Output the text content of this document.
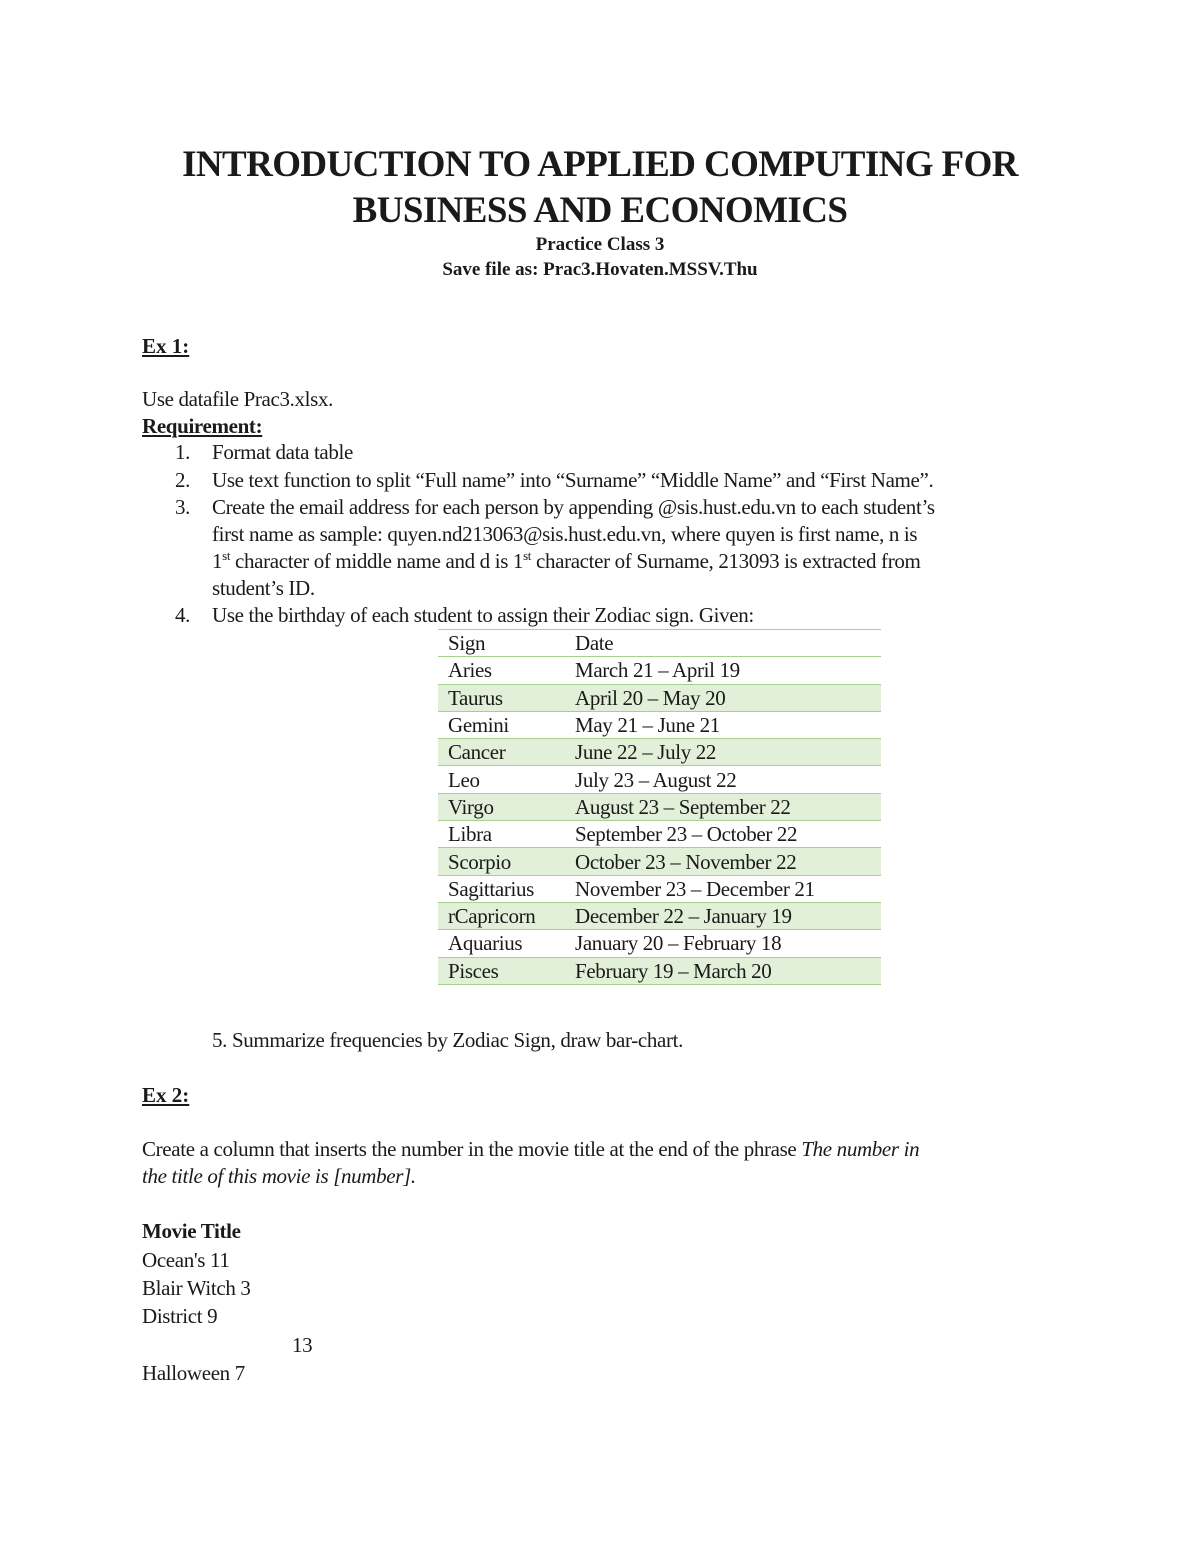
INTRODUCTION TO APPLIED COMPUTING FOR
BUSINESS AND ECONOMICS
Practice Class 3
Save file as: Prac3.Hovaten.MSSV.Thu
Ex 1:
Use datafile Prac3.xlsx.
Requirement:
1. Format data table
2. Use text function to split “Full name” into “Surname” “Middle Name” and “First Name”.
3. Create the email address for each person by appending @sis.hust.edu.vn to each student’s
first name as sample: quyen.nd213063@sis.hust.edu.vn, where quyen is first name, n is
1st character of middle name and d is 1st character of Surname, 213093 is extracted from
student’s ID.
4. Use the birthday of each student to assign their Zodiac sign. Given:
Sign	Date
Aries	March 21 – April 19
Taurus	April 20 – May 20
Gemini	May 21 – June 21
Cancer	June 22 – July 22
Leo	July 23 – August 22
Virgo	August 23 – September 22
Libra	September 23 – October 22
Scorpio	October 23 – November 22
Sagittarius	November 23 – December 21
rCapricorn	December 22 – January 19
Aquarius	January 20 – February 18
Pisces	February 19 – March 20
5. Summarize frequencies by Zodiac Sign, draw bar-chart.
Ex 2:
Create a column that inserts the number in the movie title at the end of the phrase The number in
the title of this movie is [number].
Movie Title
Ocean's 11
Blair Witch 3
District 9
13
Halloween 7
